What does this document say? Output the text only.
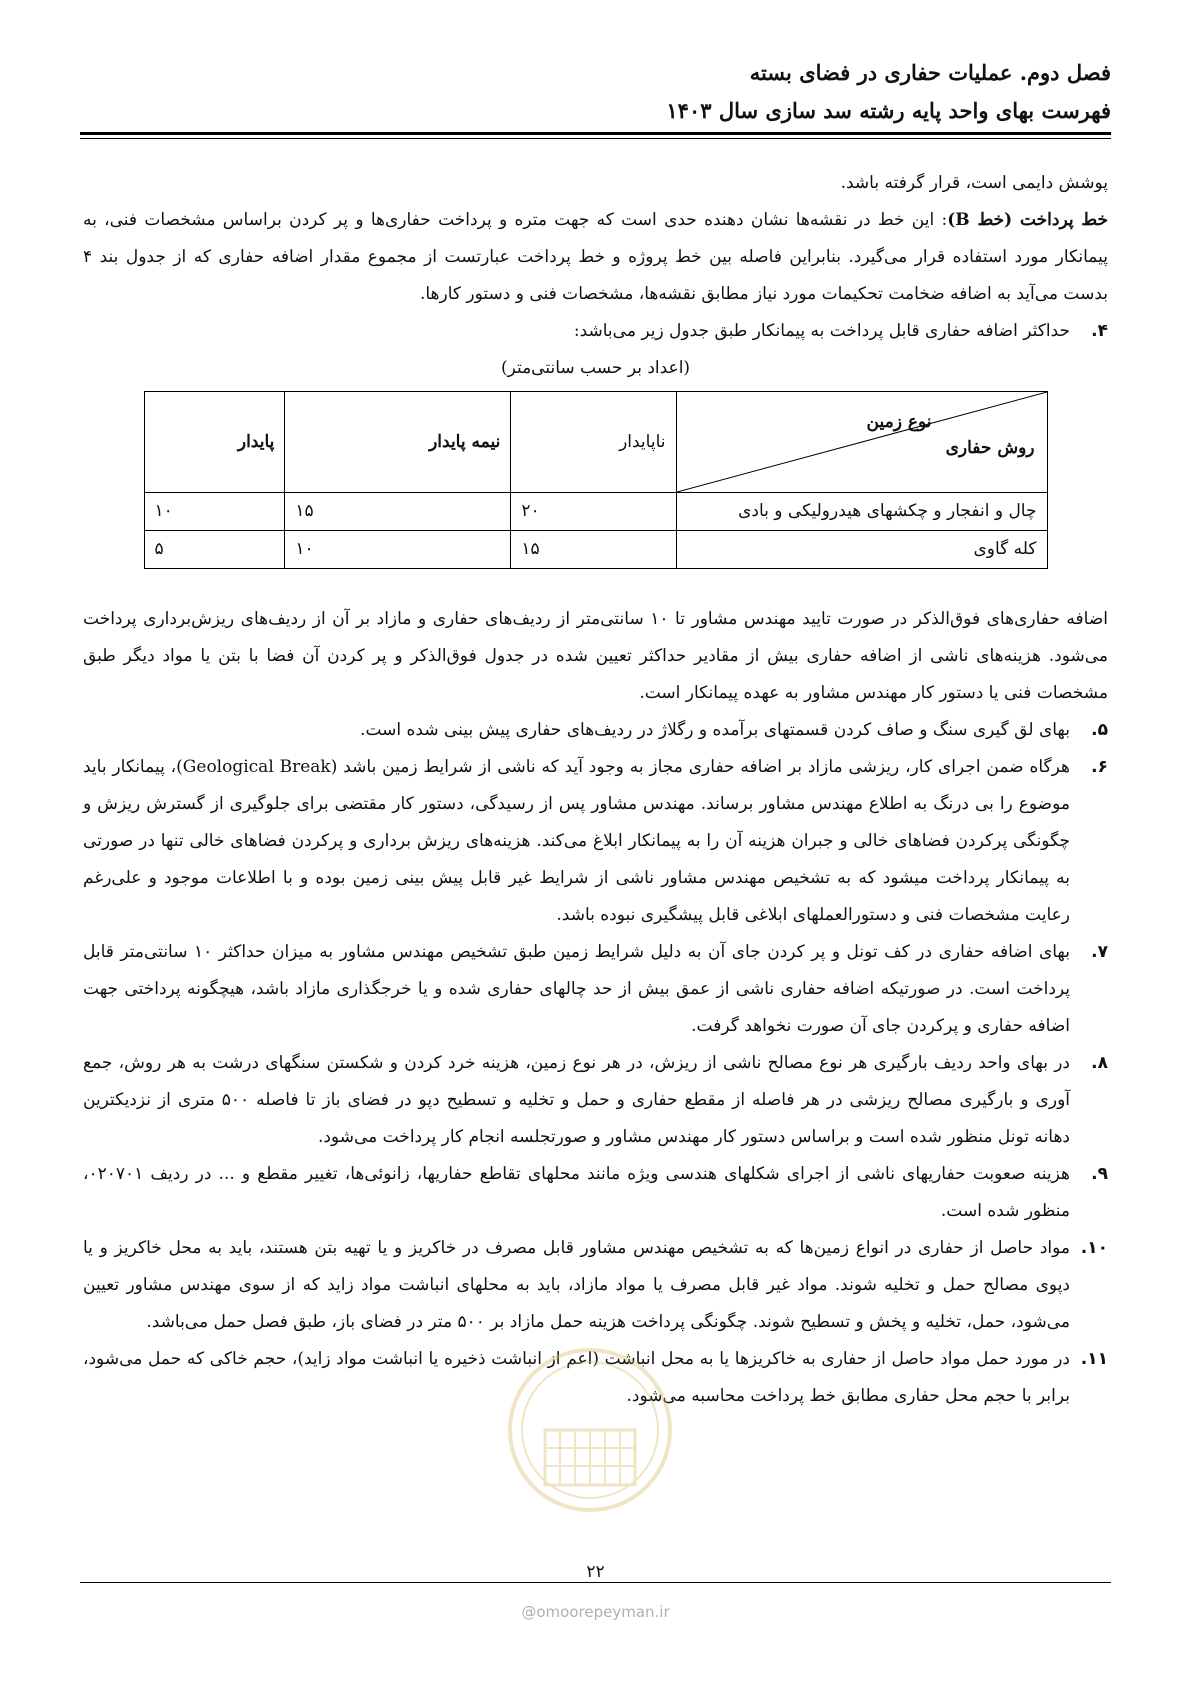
فصل دوم. عملیات حفاری در فضای بسته
فهرست بهای واحد پایه رشته سد سازی سال ۱۴۰۳

پوشش دایمی است، قرار گرفته باشد.

خط پرداخت (خط B): این خط در نقشه‌ها نشان دهنده حدی است که جهت متره و پرداخت حفاری‌ها و پر کردن براساس مشخصات فنی، به پیمانکار مورد استفاده قرار می‌گیرد. بنابراین فاصله بین خط پروژه و خط پرداخت عبارتست از مجموع مقدار اضافه حفاری که از جدول بند ۴ بدست می‌آید به اضافه ضخامت تحکیمات مورد نیاز مطابق نقشه‌ها، مشخصات فنی و دستور کارها.

۴.
حداکثر اضافه حفاری قابل پرداخت به پیمانکار طبق جدول زیر می‌باشد:
(اعداد بر حسب سانتی‌متر)
نوع زمین
روش حفاری	ناپایدار	نیمه پایدار	پایدار
چال و انفجار و چکشهای هیدرولیکی و بادی	۲۰	۱۵	۱۰
کله گاوی	۱۵	۱۰	۵

اضافه حفاری‌های فوق‌الذکر در صورت تایید مهندس مشاور تا ۱۰ سانتی‌متر از ردیف‌های حفاری و مازاد بر آن از ردیف‌های ریزش‌برداری پرداخت می‌شود. هزینه‌های ناشی از اضافه حفاری بیش از مقادیر حداکثر تعیین شده در جدول فوق‌الذکر و پر کردن آن فضا با بتن یا مواد دیگر طبق مشخصات فنی یا دستور کار مهندس مشاور به عهده پیمانکار است.

۵.
بهای لق گیری سنگ و صاف کردن قسمتهای برآمده و رگلاژ در ردیف‌های حفاری پیش بینی شده است.
۶.
هرگاه ضمن اجرای کار، ریزشی مازاد بر اضافه حفاری مجاز به وجود آید که ناشی از شرایط زمین باشد (Geological Break)، پیمانکار باید موضوع را بی درنگ به اطلاع مهندس مشاور برساند. مهندس مشاور پس از رسیدگی، دستور کار مقتضی برای جلوگیری از گسترش ریزش و چگونگی پرکردن فضاهای خالی و جبران هزینه آن را به پیمانکار ابلاغ می‌کند. هزینه‌های ریزش برداری و پرکردن فضاهای خالی تنها در صورتی به پیمانکار پرداخت میشود که به تشخیص مهندس مشاور ناشی از شرایط غیر قابل پیش بینی زمین بوده و با اطلاعات موجود و علی‌رغم رعایت مشخصات فنی و دستورالعملهای ابلاغی قابل پیشگیری نبوده باشد.
۷.
بهای اضافه حفاری در کف تونل و پر کردن جای آن به دلیل شرایط زمین طبق تشخیص مهندس مشاور به میزان حداکثر ۱۰ سانتی‌متر قابل پرداخت است. در صورتیکه اضافه حفاری ناشی از عمق بیش از حد چالهای حفاری شده و یا خرجگذاری مازاد باشد، هیچگونه پرداختی جهت اضافه حفاری و پرکردن جای آن صورت نخواهد گرفت.
۸.
در بهای واحد ردیف بارگیری هر نوع مصالح ناشی از ریزش، در هر نوع زمین، هزینه خرد کردن و شکستن سنگهای درشت به هر روش، جمع آوری و بارگیری مصالح ریزشی در هر فاصله از مقطع حفاری و حمل و تخلیه و تسطیح دپو در فضای باز تا فاصله ۵۰۰ متری از نزدیکترین دهانه تونل منظور شده است و براساس دستور کار مهندس مشاور و صورتجلسه انجام کار پرداخت می‌شود.
۹.
هزینه صعوبت حفاریهای ناشی از اجرای شکلهای هندسی ویژه مانند محلهای تقاطع حفاریها، زانوئی‌ها، تغییر مقطع و ... در ردیف ۰۲۰۷۰۱، منظور شده است.
۱۰.
مواد حاصل از حفاری در انواع زمین‌ها که به تشخیص مهندس مشاور قابل مصرف در خاکریز و یا تهیه بتن هستند، باید به محل خاکریز و یا دپوی مصالح حمل و تخلیه شوند. مواد غیر قابل مصرف یا مواد مازاد، باید به محلهای انباشت مواد زاید که از سوی مهندس مشاور تعیین می‌شود، حمل، تخلیه و پخش و تسطیح شوند. چگونگی پرداخت هزینه حمل مازاد بر ۵۰۰ متر در فضای باز، طبق فصل حمل می‌باشد.
۱۱.
در مورد حمل مواد حاصل از حفاری به خاکریزها یا به محل انباشت (اعم از انباشت ذخیره یا انباشت مواد زاید)، حجم خاکی که حمل می‌شود، برابر با حجم محل حفاری مطابق خط پرداخت محاسبه می‌شود.
۲۲
@omoorepeyman.ir
